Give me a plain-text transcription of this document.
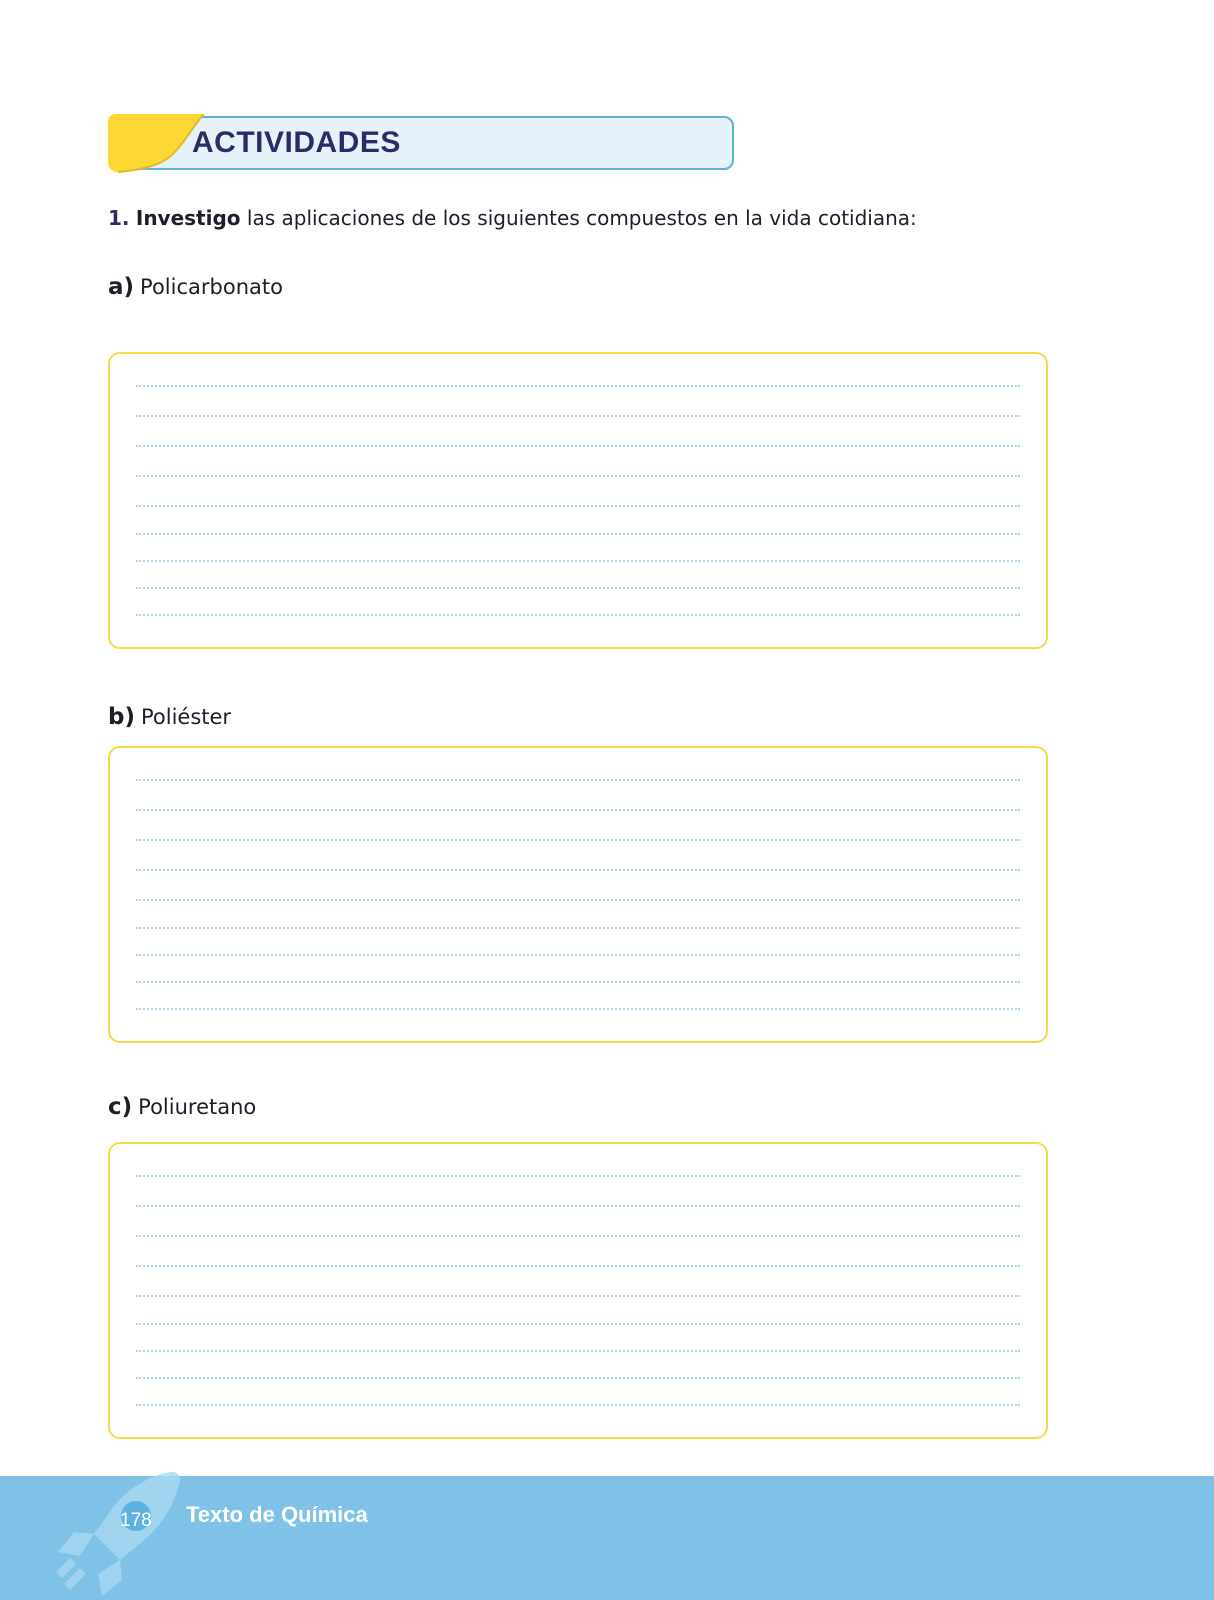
ACTIVIDADES
1. Investigo las aplicaciones de los siguientes compuestos en la vida cotidiana:
a) Policarbonato
b) Poliéster
c) Poliuretano
178 Texto de Química
